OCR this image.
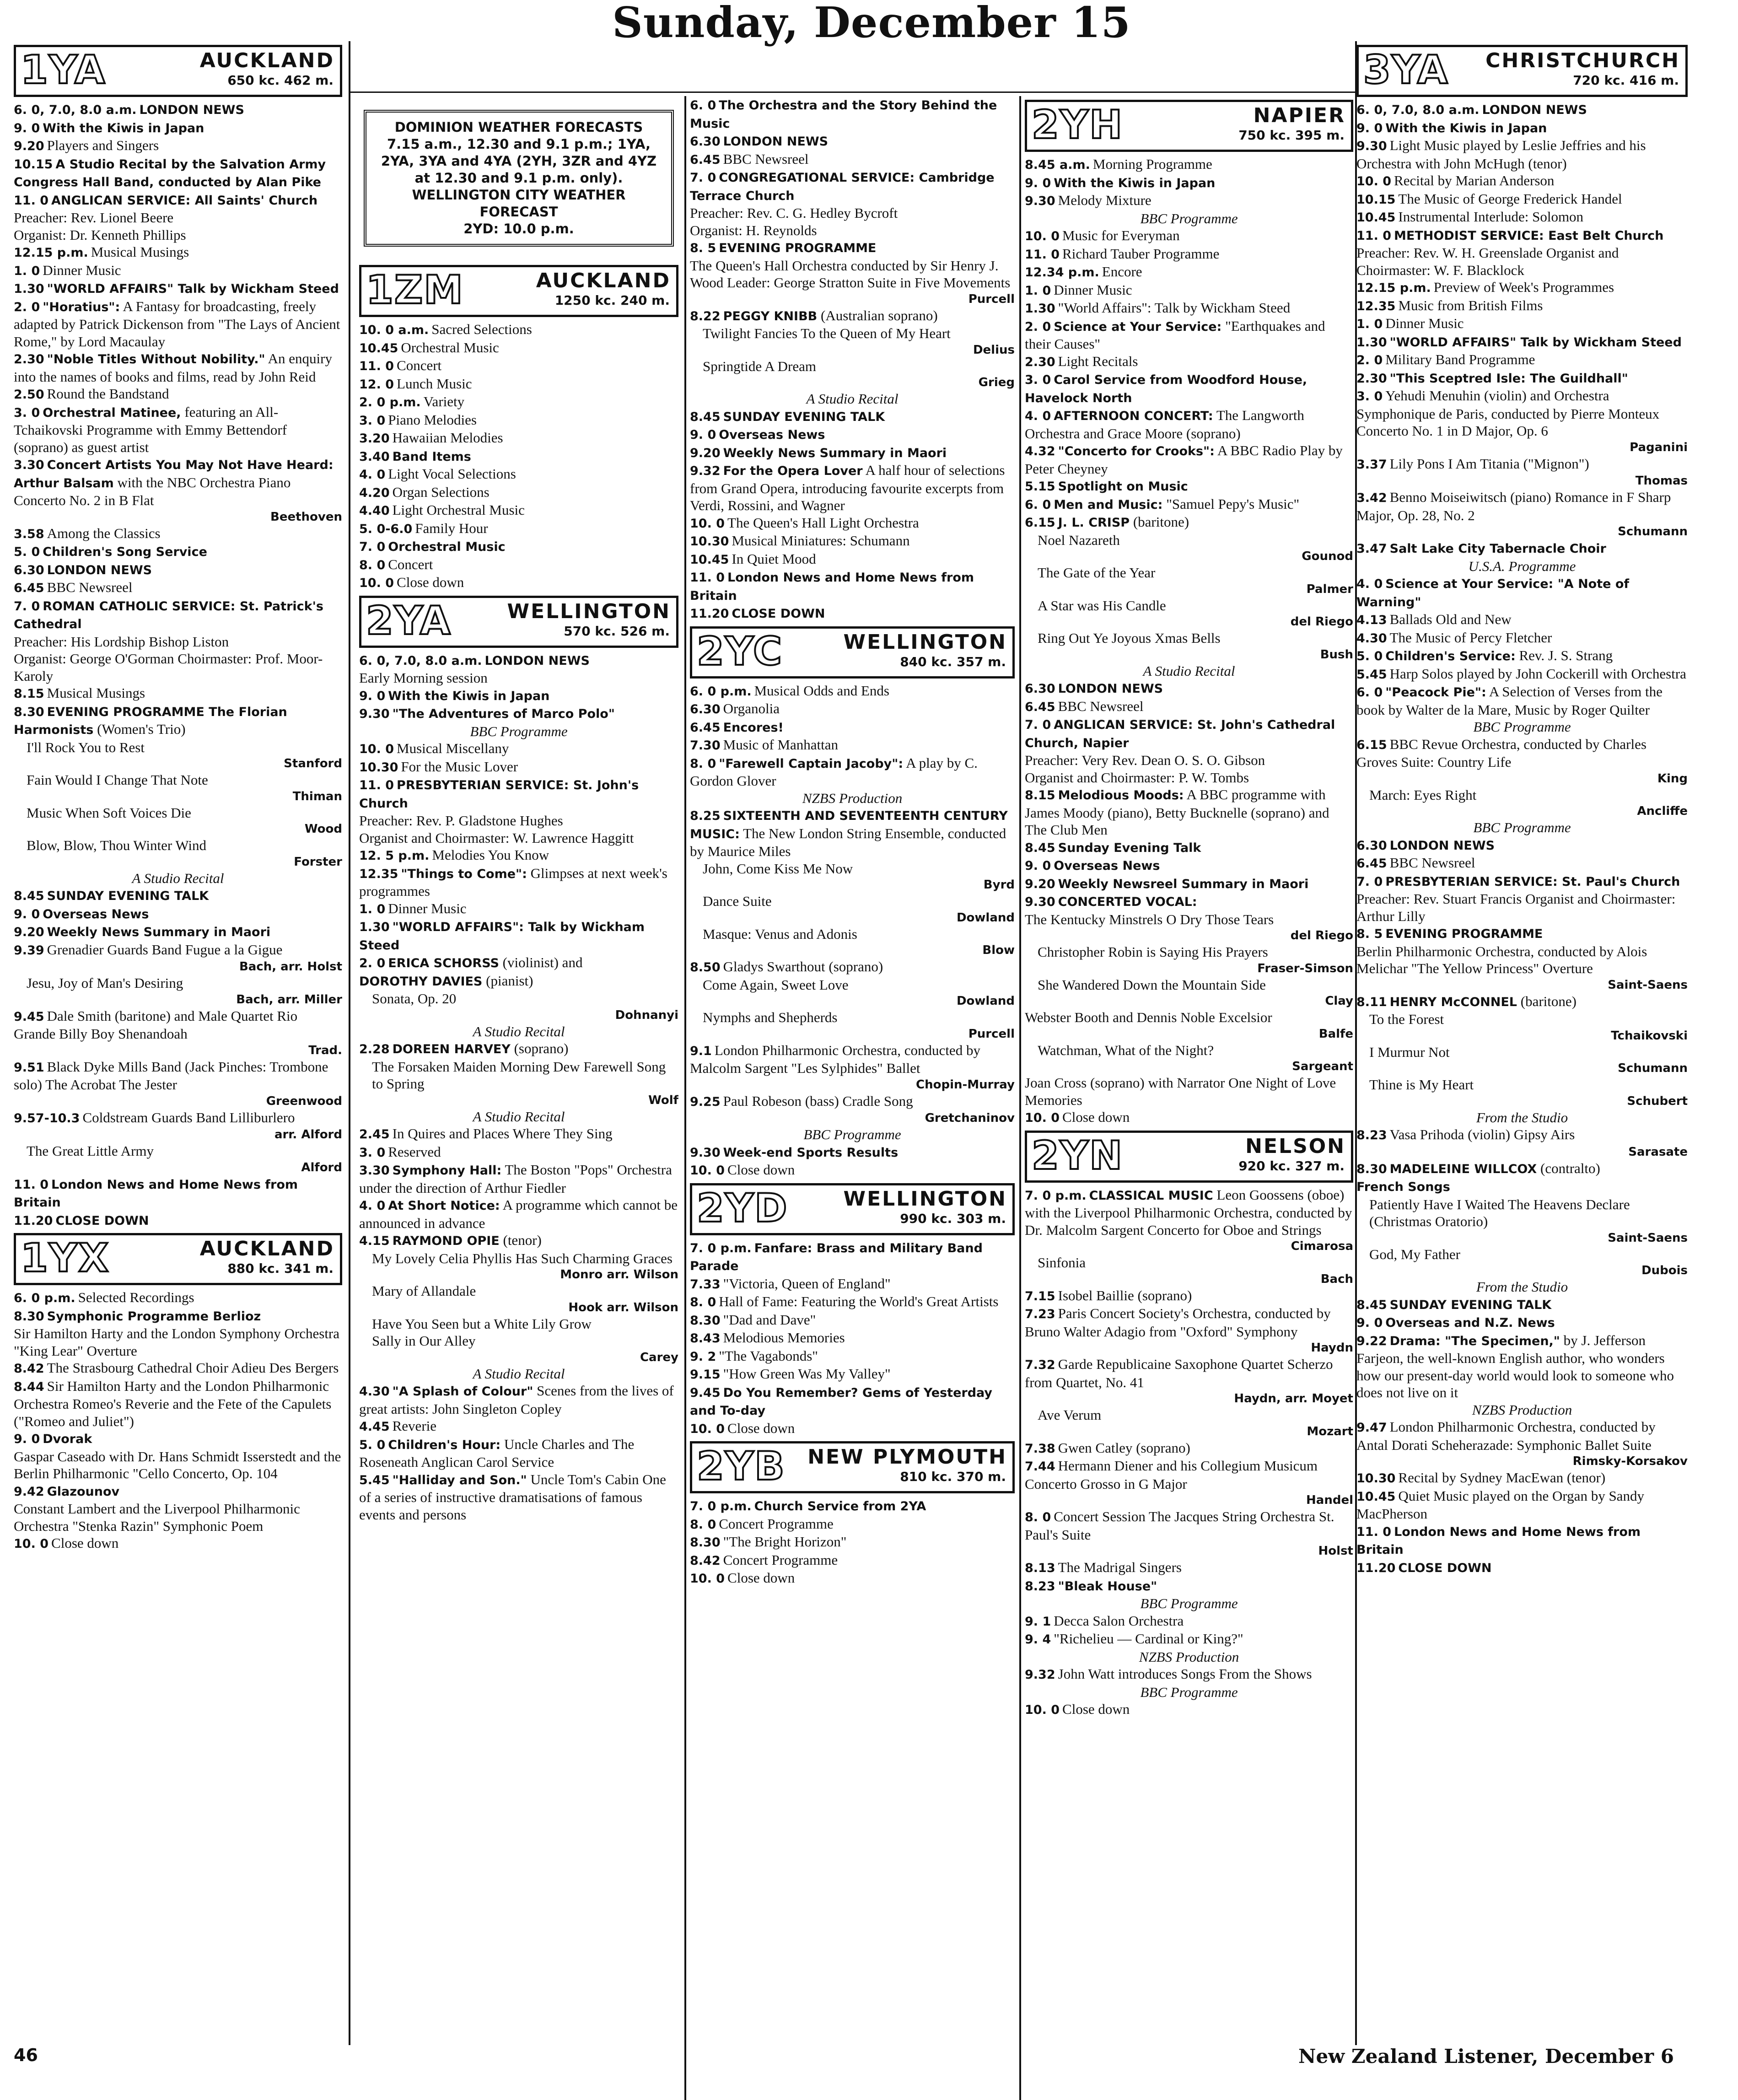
Sunday, December 15
1YA	AUCKLAND
650 kc. 462 m.

6. 0, 7.0, 8.0 a.m. LONDON NEWS

9. 0 With the Kiwis in Japan

9.20 Players and Singers

10.15 A Studio Recital by the Salvation Army Congress Hall Band, conducted by Alan Pike

11. 0 ANGLICAN SERVICE: All Saints' Church

Preacher: Rev. Lionel Beere

Organist: Dr. Kenneth Phillips

12.15 p.m. Musical Musings

1. 0 Dinner Music

1.30 "WORLD AFFAIRS" Talk by Wickham Steed

2. 0 "Horatius": A Fantasy for broadcasting, freely adapted by Patrick Dickenson from "The Lays of Ancient Rome," by Lord Macaulay

2.30 "Noble Titles Without Nobility." An enquiry into the names of books and films, read by John Reid

2.50 Round the Bandstand

3. 0 Orchestral Matinee, featuring an All-Tchaikovski Programme with Emmy Bettendorf (soprano) as guest artist

3.30 Concert Artists You May Not Have Heard: Arthur Balsam with the NBC Orchestra Piano Concerto No. 2 in B Flat

Beethoven

3.58 Among the Classics

5. 0 Children's Song Service

6.30 LONDON NEWS

6.45 BBC Newsreel

7. 0 ROMAN CATHOLIC SERVICE: St. Patrick's Cathedral

Preacher: His Lordship Bishop Liston

Organist: George O'Gorman Choirmaster: Prof. Moor-Karoly

8.15 Musical Musings

8.30 EVENING PROGRAMME The Florian Harmonists (Women's Trio)

I'll Rock You to Rest

Stanford

Fain Would I Change That Note

Thiman

Music When Soft Voices Die

Wood

Blow, Blow, Thou Winter Wind

Forster

A Studio Recital

8.45 SUNDAY EVENING TALK

9. 0 Overseas News

9.20 Weekly News Summary in Maori

9.39 Grenadier Guards Band Fugue a la Gigue

Bach, arr. Holst

Jesu, Joy of Man's Desiring

Bach, arr. Miller

9.45 Dale Smith (baritone) and Male Quartet Rio Grande Billy Boy Shenandoah

Trad.

9.51 Black Dyke Mills Band (Jack Pinches: Trombone solo) The Acrobat The Jester

Greenwood

9.57-10.3 Coldstream Guards Band Lilliburlero

arr. Alford

The Great Little Army

Alford

11. 0 London News and Home News from Britain

11.20 CLOSE DOWN

1YX	AUCKLAND
880 kc. 341 m.

6. 0 p.m. Selected Recordings

8.30 Symphonic Programme Berlioz

Sir Hamilton Harty and the London Symphony Orchestra "King Lear" Overture

8.42 The Strasbourg Cathedral Choir Adieu Des Bergers

8.44 Sir Hamilton Harty and the London Philharmonic Orchestra Romeo's Reverie and the Fete of the Capulets ("Romeo and Juliet")

9. 0 Dvorak

Gaspar Caseado with Dr. Hans Schmidt Isserstedt and the Berlin Philharmonic "Cello Concerto, Op. 104

9.42 Glazounov

Constant Lambert and the Liverpool Philharmonic Orchestra "Stenka Razin" Symphonic Poem

10. 0 Close down

DOMINION WEATHER FORECASTS
7.15 a.m., 12.30 and 9.1 p.m.; 1YA, 2YA, 3YA and 4YA (2YH, 3ZR and 4YZ at 12.30 and 9.1 p.m. only).
WELLINGTON CITY WEATHER FORECAST
2YD: 10.0 p.m.
1ZM	AUCKLAND
1250 kc. 240 m.

10. 0 a.m. Sacred Selections

10.45 Orchestral Music

11. 0 Concert

12. 0 Lunch Music

2. 0 p.m. Variety

3. 0 Piano Melodies

3.20 Hawaiian Melodies

3.40 Band Items

4. 0 Light Vocal Selections

4.20 Organ Selections

4.40 Light Orchestral Music

5. 0-6.0 Family Hour

7. 0 Orchestral Music

8. 0 Concert

10. 0 Close down

2YA	WELLINGTON
570 kc. 526 m.

6. 0, 7.0, 8.0 a.m. LONDON NEWS

Early Morning session

9. 0 With the Kiwis in Japan

9.30 "The Adventures of Marco Polo"

BBC Programme

10. 0 Musical Miscellany

10.30 For the Music Lover

11. 0 PRESBYTERIAN SERVICE: St. John's Church

Preacher: Rev. P. Gladstone Hughes

Organist and Choirmaster: W. Lawrence Haggitt

12. 5 p.m. Melodies You Know

12.35 "Things to Come": Glimpses at next week's programmes

1. 0 Dinner Music

1.30 "WORLD AFFAIRS": Talk by Wickham Steed

2. 0 ERICA SCHORSS (violinist) and

DOROTHY DAVIES (pianist)

Sonata, Op. 20

Dohnanyi

A Studio Recital

2.28 DOREEN HARVEY (soprano)

The Forsaken Maiden Morning Dew Farewell Song to Spring

Wolf

A Studio Recital

2.45 In Quires and Places Where They Sing

3. 0 Reserved

3.30 Symphony Hall: The Boston "Pops" Orchestra under the direction of Arthur Fiedler

4. 0 At Short Notice: A programme which cannot be announced in advance

4.15 RAYMOND OPIE (tenor)

My Lovely Celia Phyllis Has Such Charming Graces

Monro arr. Wilson

Mary of Allandale

Hook arr. Wilson

Have You Seen but a White Lily Grow

Sally in Our Alley

Carey

A Studio Recital

4.30 "A Splash of Colour" Scenes from the lives of great artists: John Singleton Copley

4.45 Reverie

5. 0 Children's Hour: Uncle Charles and The Roseneath Anglican Carol Service

5.45 "Halliday and Son." Uncle Tom's Cabin One of a series of instructive dramatisations of famous events and persons

6. 0 The Orchestra and the Story Behind the Music

6.30 LONDON NEWS

6.45 BBC Newsreel

7. 0 CONGREGATIONAL SERVICE: Cambridge Terrace Church

Preacher: Rev. C. G. Hedley Bycroft

Organist: H. Reynolds

8. 5 EVENING PROGRAMME

The Queen's Hall Orchestra conducted by Sir Henry J. Wood Leader: George Stratton Suite in Five Movements

Purcell

8.22 PEGGY KNIBB (Australian soprano)

Twilight Fancies To the Queen of My Heart

Delius

Springtide A Dream

Grieg

A Studio Recital

8.45 SUNDAY EVENING TALK

9. 0 Overseas News

9.20 Weekly News Summary in Maori

9.32 For the Opera Lover A half hour of selections from Grand Opera, introducing favourite excerpts from Verdi, Rossini, and Wagner

10. 0 The Queen's Hall Light Orchestra

10.30 Musical Miniatures: Schumann

10.45 In Quiet Mood

11. 0 London News and Home News from Britain

11.20 CLOSE DOWN

2YC	WELLINGTON
840 kc. 357 m.

6. 0 p.m. Musical Odds and Ends

6.30 Organolia

6.45 Encores!

7.30 Music of Manhattan

8. 0 "Farewell Captain Jacoby": A play by C. Gordon Glover

NZBS Production

8.25 SIXTEENTH AND SEVENTEENTH CENTURY MUSIC: The New London String Ensemble, conducted by Maurice Miles

John, Come Kiss Me Now

Byrd

Dance Suite

Dowland

Masque: Venus and Adonis

Blow

8.50 Gladys Swarthout (soprano)

Come Again, Sweet Love

Dowland

Nymphs and Shepherds

Purcell

9.1 London Philharmonic Orchestra, conducted by Malcolm Sargent "Les Sylphides" Ballet

Chopin-Murray

9.25 Paul Robeson (bass) Cradle Song

Gretchaninov

BBC Programme

9.30 Week-end Sports Results

10. 0 Close down

2YD	WELLINGTON
990 kc. 303 m.

7. 0 p.m. Fanfare: Brass and Military Band Parade

7.33 "Victoria, Queen of England"

8. 0 Hall of Fame: Featuring the World's Great Artists

8.30 "Dad and Dave"

8.43 Melodious Memories

9. 2 "The Vagabonds"

9.15 "How Green Was My Valley"

9.45 Do You Remember? Gems of Yesterday and To-day

10. 0 Close down

2YB NEW PLYMOUTH
810 kc. 370 m.

7. 0 p.m. Church Service from 2YA

8. 0 Concert Programme

8.30 "The Bright Horizon"

8.42 Concert Programme

10. 0 Close down

2YH	NAPIER
750 kc. 395 m.

8.45 a.m. Morning Programme

9. 0 With the Kiwis in Japan

9.30 Melody Mixture

BBC Programme

10. 0 Music for Everyman

11. 0 Richard Tauber Programme

12.34 p.m. Encore

1. 0 Dinner Music

1.30 "World Affairs": Talk by Wickham Steed

2. 0 Science at Your Service: "Earthquakes and their Causes"

2.30 Light Recitals

3. 0 Carol Service from Woodford House, Havelock North

4. 0 AFTERNOON CONCERT: The Langworth Orchestra and Grace Moore (soprano)

4.32 "Concerto for Crooks": A BBC Radio Play by Peter Cheyney

5.15 Spotlight on Music

6. 0 Men and Music: "Samuel Pepy's Music"

6.15 J. L. CRISP (baritone)

Noel Nazareth

Gounod

The Gate of the Year

Palmer

A Star was His Candle

del Riego

Ring Out Ye Joyous Xmas Bells

Bush

A Studio Recital

6.30 LONDON NEWS

6.45 BBC Newsreel

7. 0 ANGLICAN SERVICE: St. John's Cathedral Church, Napier

Preacher: Very Rev. Dean O. S. O. Gibson

Organist and Choirmaster: P. W. Tombs

8.15 Melodious Moods: A BBC programme with James Moody (piano), Betty Bucknelle (soprano) and The Club Men

8.45 Sunday Evening Talk

9. 0 Overseas News

9.20 Weekly Newsreel Summary in Maori

9.30 CONCERTED VOCAL:

The Kentucky Minstrels O Dry Those Tears

del Riego

Christopher Robin is Saying His Prayers

Fraser-Simson

She Wandered Down the Mountain Side

Clay

Webster Booth and Dennis Noble Excelsior

Balfe

Watchman, What of the Night?

Sargeant

Joan Cross (soprano) with Narrator One Night of Love Memories

10. 0 Close down

2YN	NELSON
920 kc. 327 m.

7. 0 p.m. CLASSICAL MUSIC Leon Goossens (oboe) with the Liverpool Philharmonic Orchestra, conducted by Dr. Malcolm Sargent Concerto for Oboe and Strings

Cimarosa

Sinfonia

Bach

7.15 Isobel Baillie (soprano)

7.23 Paris Concert Society's Orchestra, conducted by Bruno Walter Adagio from "Oxford" Symphony

Haydn

7.32 Garde Republicaine Saxophone Quartet Scherzo from Quartet, No. 41

Haydn, arr. Moyet

Ave Verum

Mozart

7.38 Gwen Catley (soprano)

7.44 Hermann Diener and his Collegium Musicum Concerto Grosso in G Major

Handel

8. 0 Concert Session The Jacques String Orchestra St. Paul's Suite

Holst

8.13 The Madrigal Singers

8.23 "Bleak House"

BBC Programme

9. 1 Decca Salon Orchestra

9. 4 "Richelieu — Cardinal or King?"

NZBS Production

9.32 John Watt introduces Songs From the Shows

BBC Programme

10. 0 Close down

3YA CHRISTCHURCH
720 kc. 416 m.

6. 0, 7.0, 8.0 a.m. LONDON NEWS

9. 0 With the Kiwis in Japan

9.30 Light Music played by Leslie Jeffries and his Orchestra with John McHugh (tenor)

10. 0 Recital by Marian Anderson

10.15 The Music of George Frederick Handel

10.45 Instrumental Interlude: Solomon

11. 0 METHODIST SERVICE: East Belt Church

Preacher: Rev. W. H. Greenslade Organist and Choirmaster: W. F. Blacklock

12.15 p.m. Preview of Week's Programmes

12.35 Music from British Films

1. 0 Dinner Music

1.30 "WORLD AFFAIRS" Talk by Wickham Steed

2. 0 Military Band Programme

2.30 "This Sceptred Isle: The Guildhall"

3. 0 Yehudi Menuhin (violin) and Orchestra Symphonique de Paris, conducted by Pierre Monteux Concerto No. 1 in D Major, Op. 6

Paganini

3.37 Lily Pons I Am Titania ("Mignon")

Thomas

3.42 Benno Moiseiwitsch (piano) Romance in F Sharp Major, Op. 28, No. 2

Schumann

3.47 Salt Lake City Tabernacle Choir

U.S.A. Programme

4. 0 Science at Your Service: "A Note of Warning"

4.13 Ballads Old and New

4.30 The Music of Percy Fletcher

5. 0 Children's Service: Rev. J. S. Strang

5.45 Harp Solos played by John Cockerill with Orchestra

6. 0 "Peacock Pie": A Selection of Verses from the book by Walter de la Mare, Music by Roger Quilter

BBC Programme

6.15 BBC Revue Orchestra, conducted by Charles Groves Suite: Country Life

King

March: Eyes Right

Ancliffe

BBC Programme

6.30 LONDON NEWS

6.45 BBC Newsreel

7. 0 PRESBYTERIAN SERVICE: St. Paul's Church

Preacher: Rev. Stuart Francis Organist and Choirmaster: Arthur Lilly

8. 5 EVENING PROGRAMME

Berlin Philharmonic Orchestra, conducted by Alois Melichar "The Yellow Princess" Overture

Saint-Saens

8.11 HENRY McCONNEL (baritone)

To the Forest

Tchaikovski

I Murmur Not

Schumann

Thine is My Heart

Schubert

From the Studio

8.23 Vasa Prihoda (violin) Gipsy Airs

Sarasate

8.30 MADELEINE WILLCOX (contralto)

French Songs

Patiently Have I Waited The Heavens Declare (Christmas Oratorio)

Saint-Saens

God, My Father

Dubois

From the Studio

8.45 SUNDAY EVENING TALK

9. 0 Overseas and N.Z. News

9.22 Drama: "The Specimen," by J. Jefferson Farjeon, the well-known English author, who wonders how our present-day world would look to someone who does not live on it

NZBS Production

9.47 London Philharmonic Orchestra, conducted by Antal Dorati Scheherazade: Symphonic Ballet Suite

Rimsky-Korsakov

10.30 Recital by Sydney MacEwan (tenor)

10.45 Quiet Music played on the Organ by Sandy MacPherson

11. 0 London News and Home News from Britain

11.20 CLOSE DOWN

46	New Zealand Listener, December 6
